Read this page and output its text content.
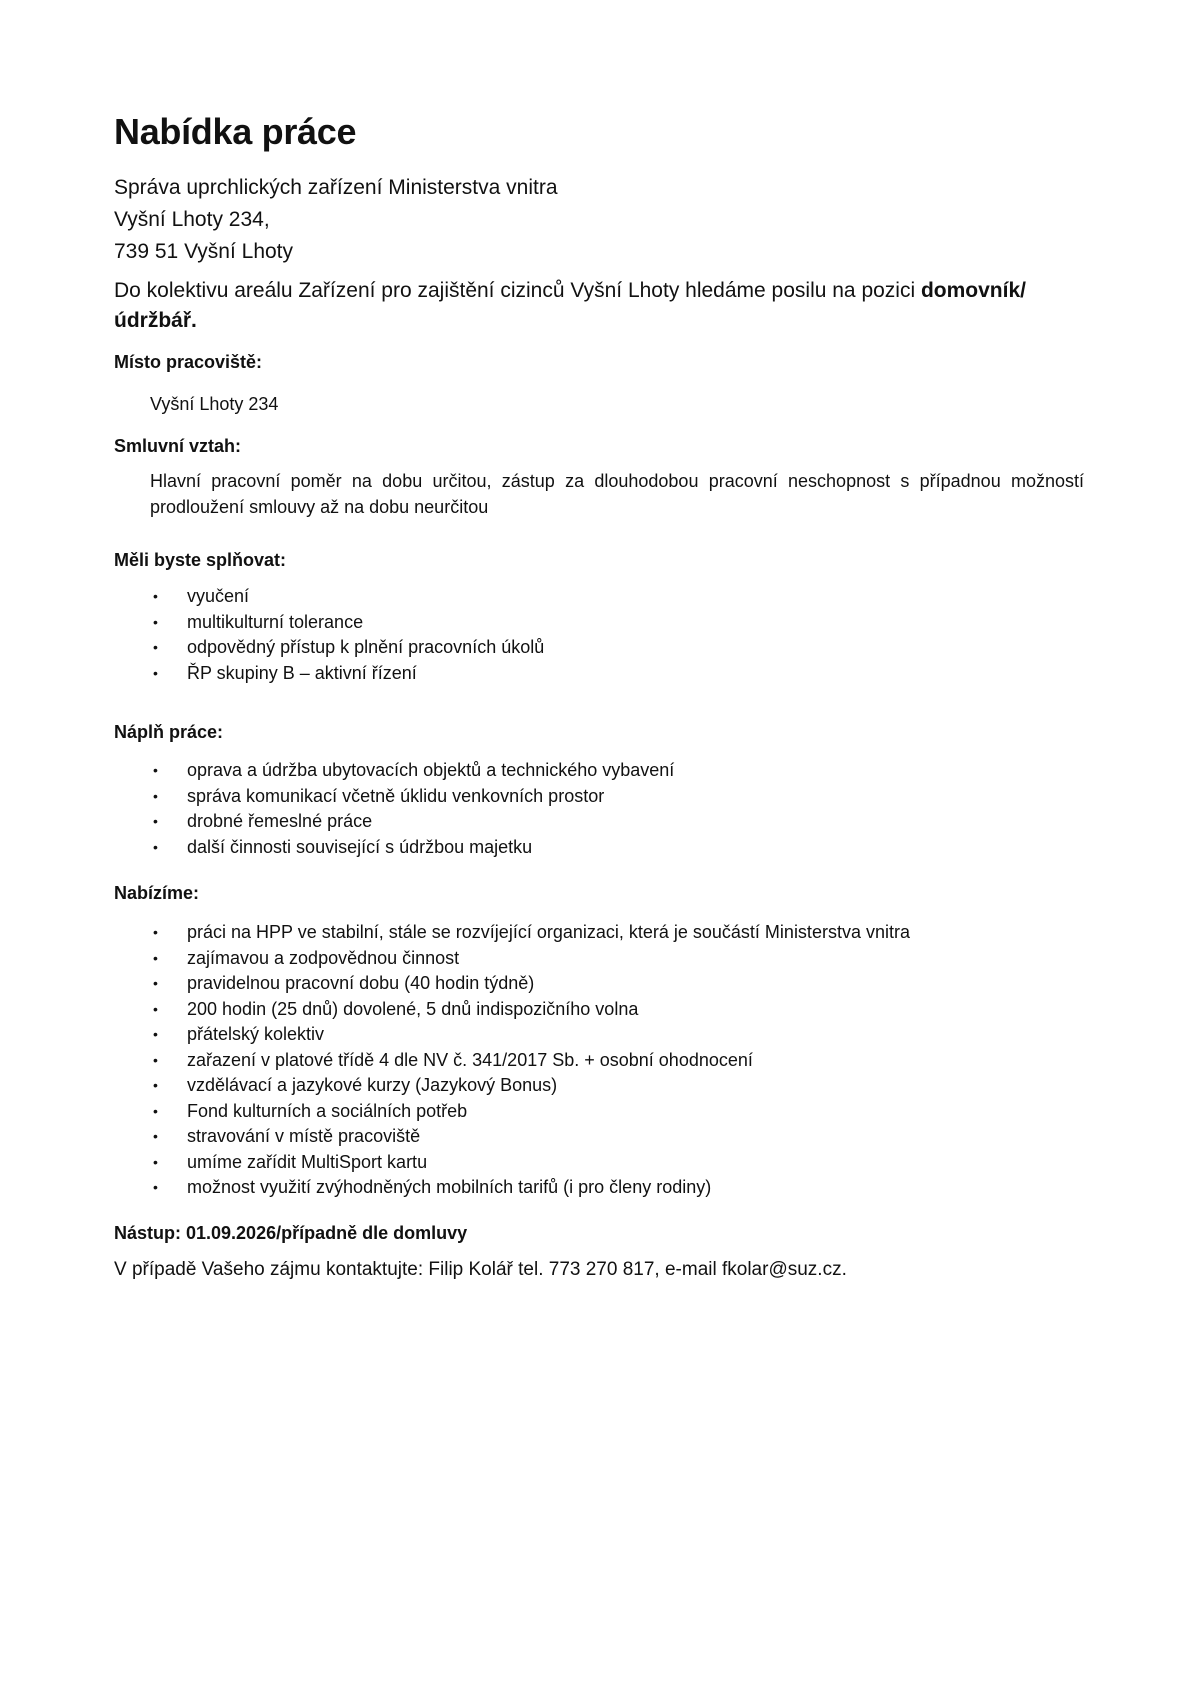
Nabídka práce
Správa uprchlických zařízení Ministerstva vnitra
Vyšní Lhoty 234,
739 51 Vyšní Lhoty
Do kolektivu areálu Zařízení pro zajištění cizinců Vyšní Lhoty hledáme posilu na pozici domovník/údržbář.
Místo pracoviště:
Vyšní Lhoty 234
Smluvní vztah:
Hlavní pracovní poměr na dobu určitou, zástup za dlouhodobou pracovní neschopnost s případnou možností prodloužení smlouvy až na dobu neurčitou
Měli byste splňovat:
• vyučení
• multikulturní tolerance
• odpovědný přístup k plnění pracovních úkolů
• ŘP skupiny B – aktivní řízení
Náplň práce:
• oprava a údržba ubytovacích objektů a technického vybavení
• správa komunikací včetně úklidu venkovních prostor
• drobné řemeslné práce
• další činnosti související s údržbou majetku
Nabízíme:
• práci na HPP ve stabilní, stále se rozvíjející organizaci, která je součástí Ministerstva vnitra
• zajímavou a zodpovědnou činnost
• pravidelnou pracovní dobu (40 hodin týdně)
• 200 hodin (25 dnů) dovolené, 5 dnů indispozičního volna
• přátelský kolektiv
• zařazení v platové třídě 4 dle NV č. 341/2017 Sb. + osobní ohodnocení
• vzdělávací a jazykové kurzy (Jazykový Bonus)
• Fond kulturních a sociálních potřeb
• stravování v místě pracoviště
• umíme zařídit MultiSport kartu
• možnost využití zvýhodněných mobilních tarifů (i pro členy rodiny)
Nástup: 01.09.2026/případně dle domluvy
V případě Vašeho zájmu kontaktujte: Filip Kolář tel. 773 270 817, e-mail fkolar@suz.cz.
